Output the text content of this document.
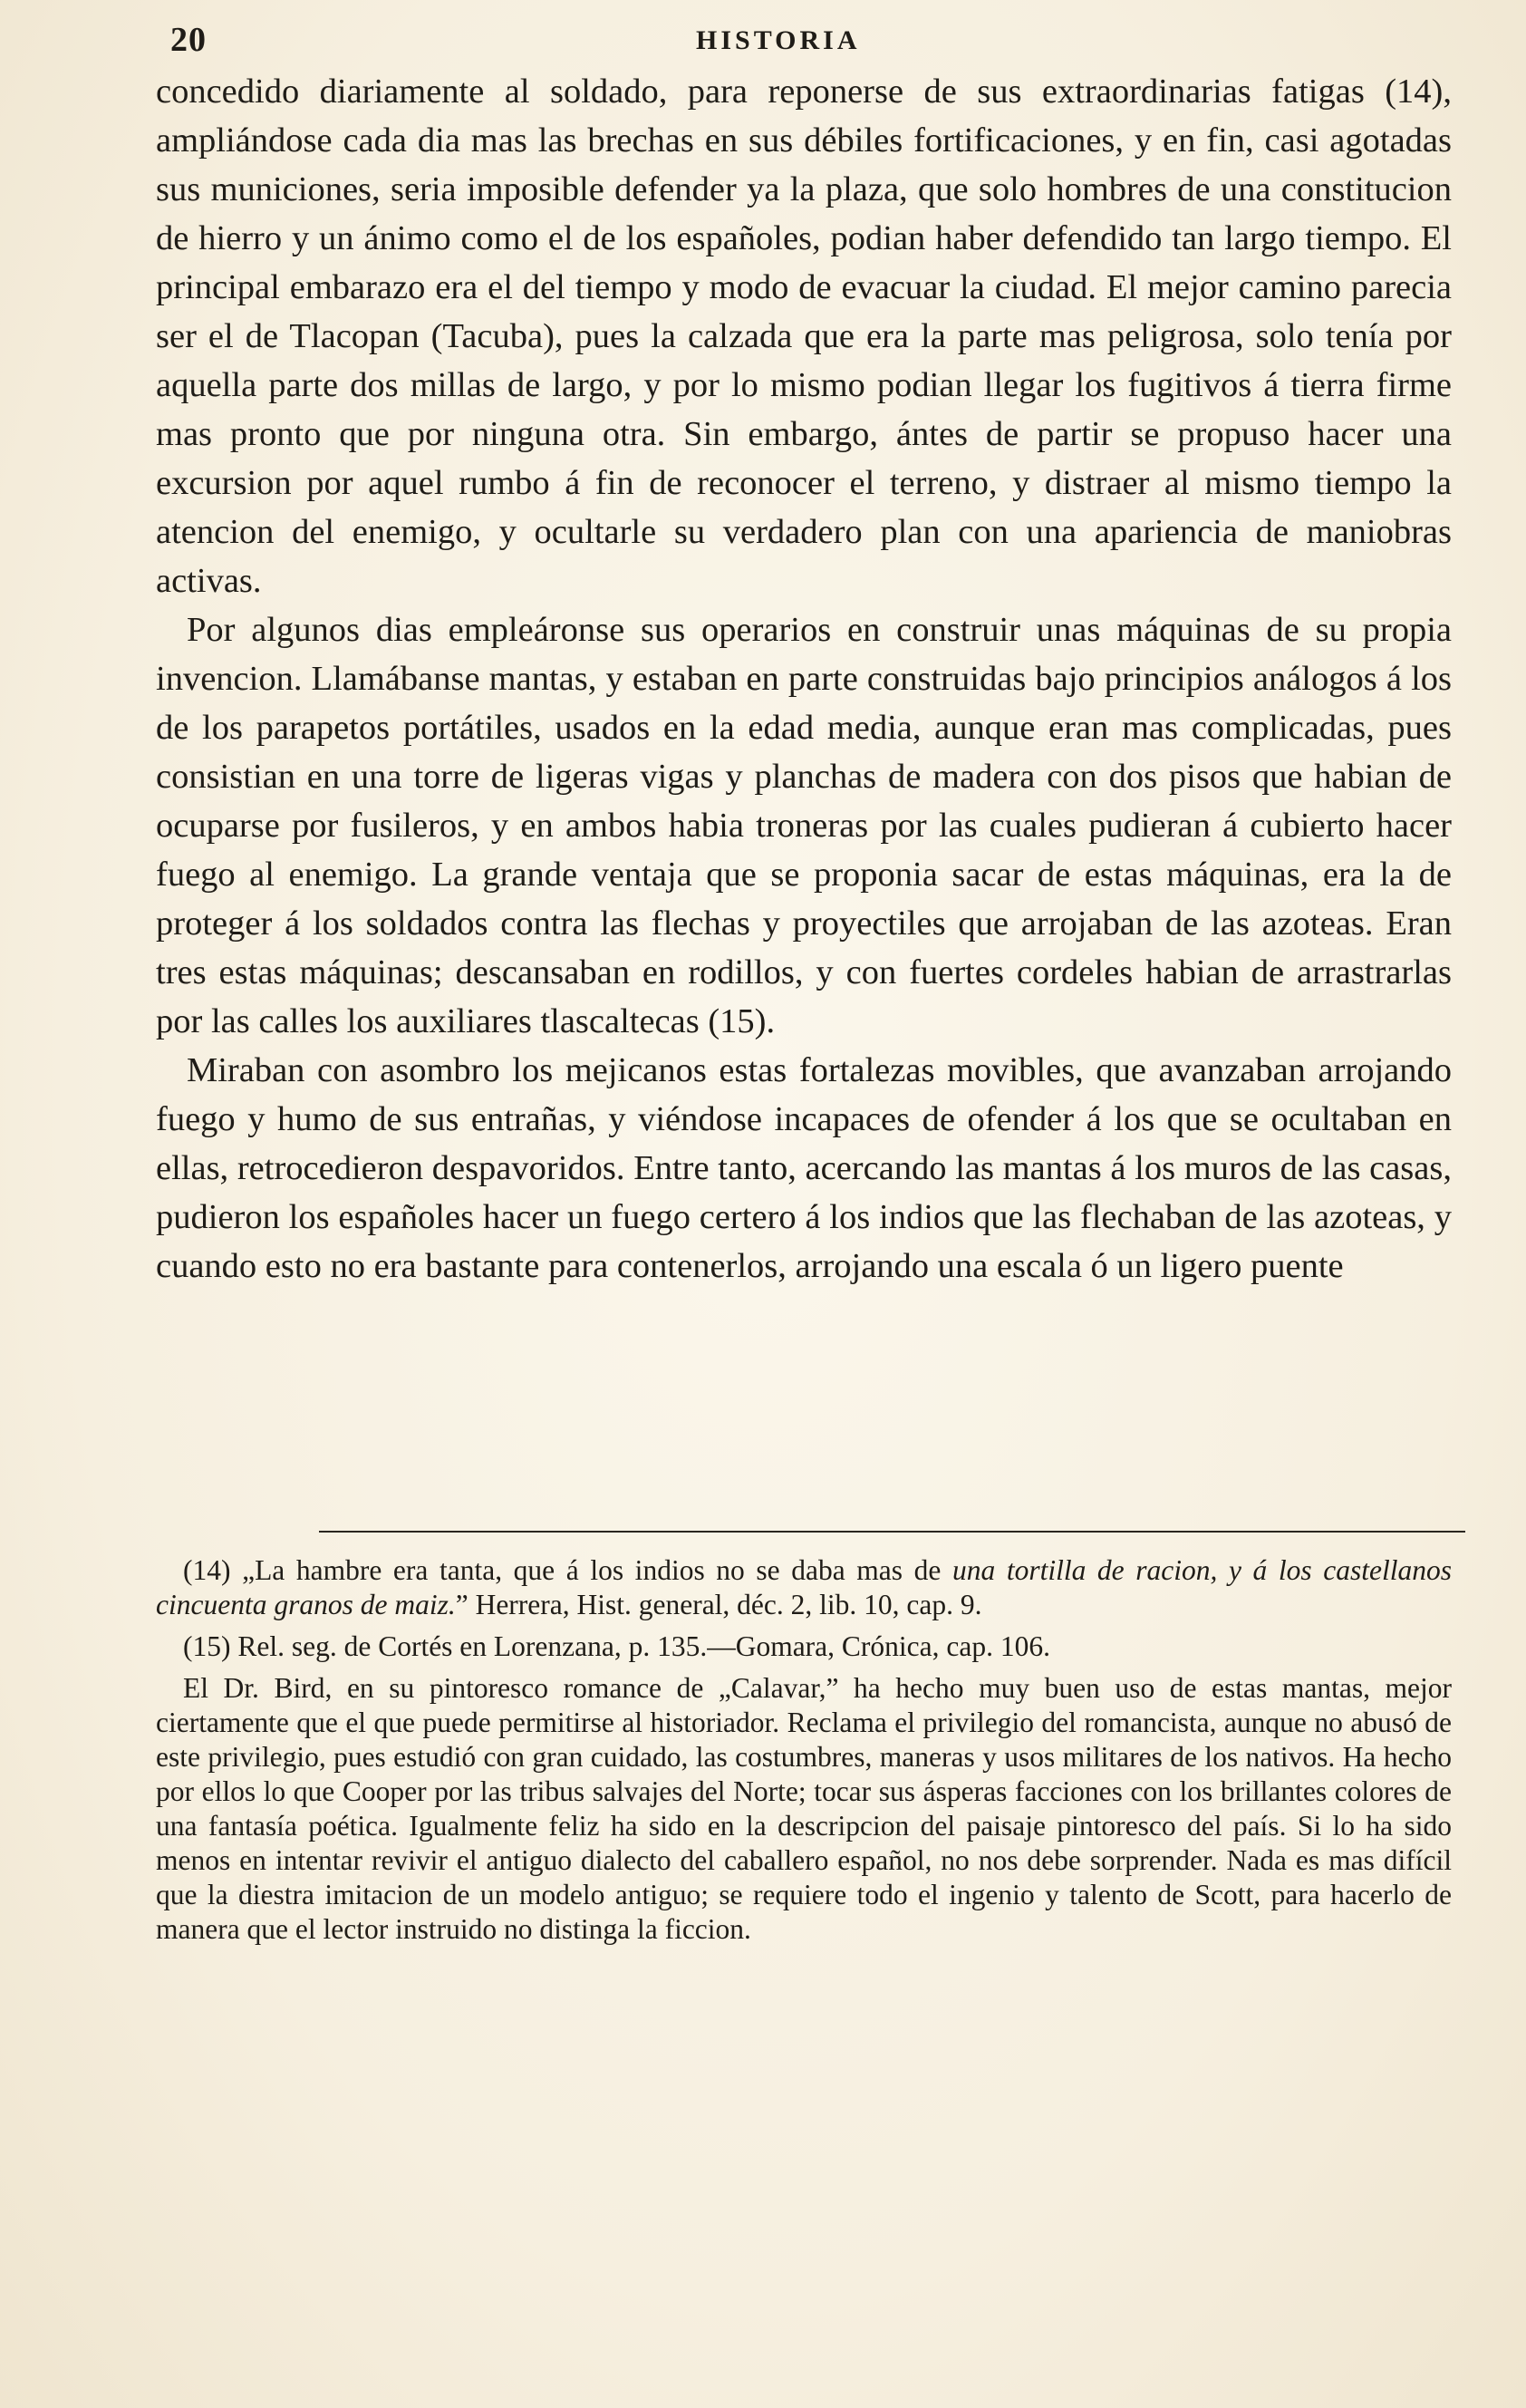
20	HISTORIA

concedido diariamente al soldado, para reponerse de sus extraordinarias fatigas (14), ampliándose cada dia mas las brechas en sus débiles fortificaciones, y en fin, casi agotadas sus municiones, seria imposible defender ya la plaza, que solo hombres de una constitucion de hierro y un ánimo como el de los españoles, podian haber defendido tan largo tiempo. El principal embarazo era el del tiempo y modo de evacuar la ciudad. El mejor camino parecia ser el de Tlacopan (Tacuba), pues la calzada que era la parte mas peligrosa, solo tenía por aquella parte dos millas de largo, y por lo mismo podian llegar los fugitivos á tierra firme mas pronto que por ninguna otra. Sin embargo, ántes de partir se propuso hacer una excursion por aquel rumbo á fin de reconocer el terreno, y distraer al mismo tiempo la atencion del enemigo, y ocultarle su verdadero plan con una apariencia de maniobras activas.

Por algunos dias empleáronse sus operarios en construir unas máquinas de su propia invencion. Llamábanse mantas, y estaban en parte construidas bajo principios análogos á los de los parapetos portátiles, usados en la edad media, aunque eran mas complicadas, pues consistian en una torre de ligeras vigas y planchas de madera con dos pisos que habian de ocuparse por fusileros, y en ambos habia troneras por las cuales pudieran á cubierto hacer fuego al enemigo. La grande ventaja que se proponia sacar de estas máquinas, era la de proteger á los soldados contra las flechas y proyectiles que arrojaban de las azoteas. Eran tres estas máquinas; descansaban en rodillos, y con fuertes cordeles habian de arrastrarlas por las calles los auxiliares tlascaltecas (15).

Miraban con asombro los mejicanos estas fortalezas movibles, que avanzaban arrojando fuego y humo de sus entrañas, y viéndose incapaces de ofender á los que se ocultaban en ellas, retrocedieron despavoridos. Entre tanto, acercando las mantas á los muros de las casas, pudieron los españoles hacer un fuego certero á los indios que las flechaban de las azoteas, y cuando esto no era bastante para contenerlos, arrojando una escala ó un ligero puente

(14) „La hambre era tanta, que á los indios no se daba mas de una tortilla de racion, y á los castellanos cincuenta granos de maiz.” Herrera, Hist. general, déc. 2, lib. 10, cap. 9.

(15) Rel. seg. de Cortés en Lorenzana, p. 135.—Gomara, Crónica, cap. 106.

El Dr. Bird, en su pintoresco romance de „Calavar,” ha hecho muy buen uso de estas mantas, mejor ciertamente que el que puede permitirse al historiador. Reclama el privilegio del romancista, aunque no abusó de este privilegio, pues estudió con gran cuidado, las costumbres, maneras y usos militares de los nativos. Ha hecho por ellos lo que Cooper por las tribus salvajes del Norte; tocar sus ásperas facciones con los brillantes colores de una fantasía poética. Igualmente feliz ha sido en la descripcion del paisaje pintoresco del país. Si lo ha sido menos en intentar revivir el antiguo dialecto del caballero español, no nos debe sorprender. Nada es mas difícil que la diestra imitacion de un modelo antiguo; se requiere todo el ingenio y talento de Scott, para hacerlo de manera que el lector instruido no distinga la ficcion.
